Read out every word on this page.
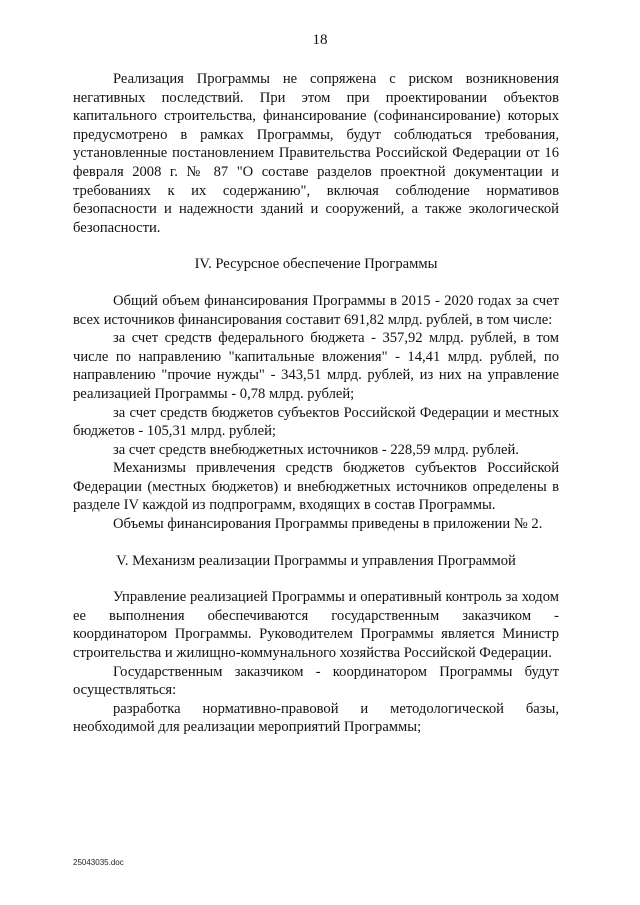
18

Реализация Программы не сопряжена с риском возникновения негативных последствий. При этом при проектировании объектов капитального строительства, финансирование (софинансирование) которых предусмотрено в рамках Программы, будут соблюдаться требования, установленные постановлением Правительства Российской Федерации от 16 февраля 2008 г. № 87 "О составе разделов проектной документации и требованиях к их содержанию", включая соблюдение нормативов безопасности и надежности зданий и сооружений, а также экологической безопасности.

IV. Ресурсное обеспечение Программы

Общий объем финансирования Программы в 2015 - 2020 годах за счет всех источников финансирования составит 691,82 млрд. рублей, в том числе:

за счет средств федерального бюджета - 357,92 млрд. рублей, в том числе по направлению "капитальные вложения" - 14,41 млрд. рублей, по направлению "прочие нужды" - 343,51 млрд. рублей, из них на управление реализацией Программы - 0,78 млрд. рублей;

за счет средств бюджетов субъектов Российской Федерации и местных бюджетов - 105,31 млрд. рублей;

за счет средств внебюджетных источников - 228,59 млрд. рублей.

Механизмы привлечения средств бюджетов субъектов Российской Федерации (местных бюджетов) и внебюджетных источников определены в разделе IV каждой из подпрограмм, входящих в состав Программы.

Объемы финансирования Программы приведены в приложении № 2.

V. Механизм реализации Программы и управления Программой

Управление реализацией Программы и оперативный контроль за ходом ее выполнения обеспечиваются государственным заказчиком - координатором Программы. Руководителем Программы является Министр строительства и жилищно-коммунального хозяйства Российской Федерации.

Государственным заказчиком - координатором Программы будут осуществляться:

разработка нормативно-правовой и методологической базы, необходимой для реализации мероприятий Программы;

25043035.doc
